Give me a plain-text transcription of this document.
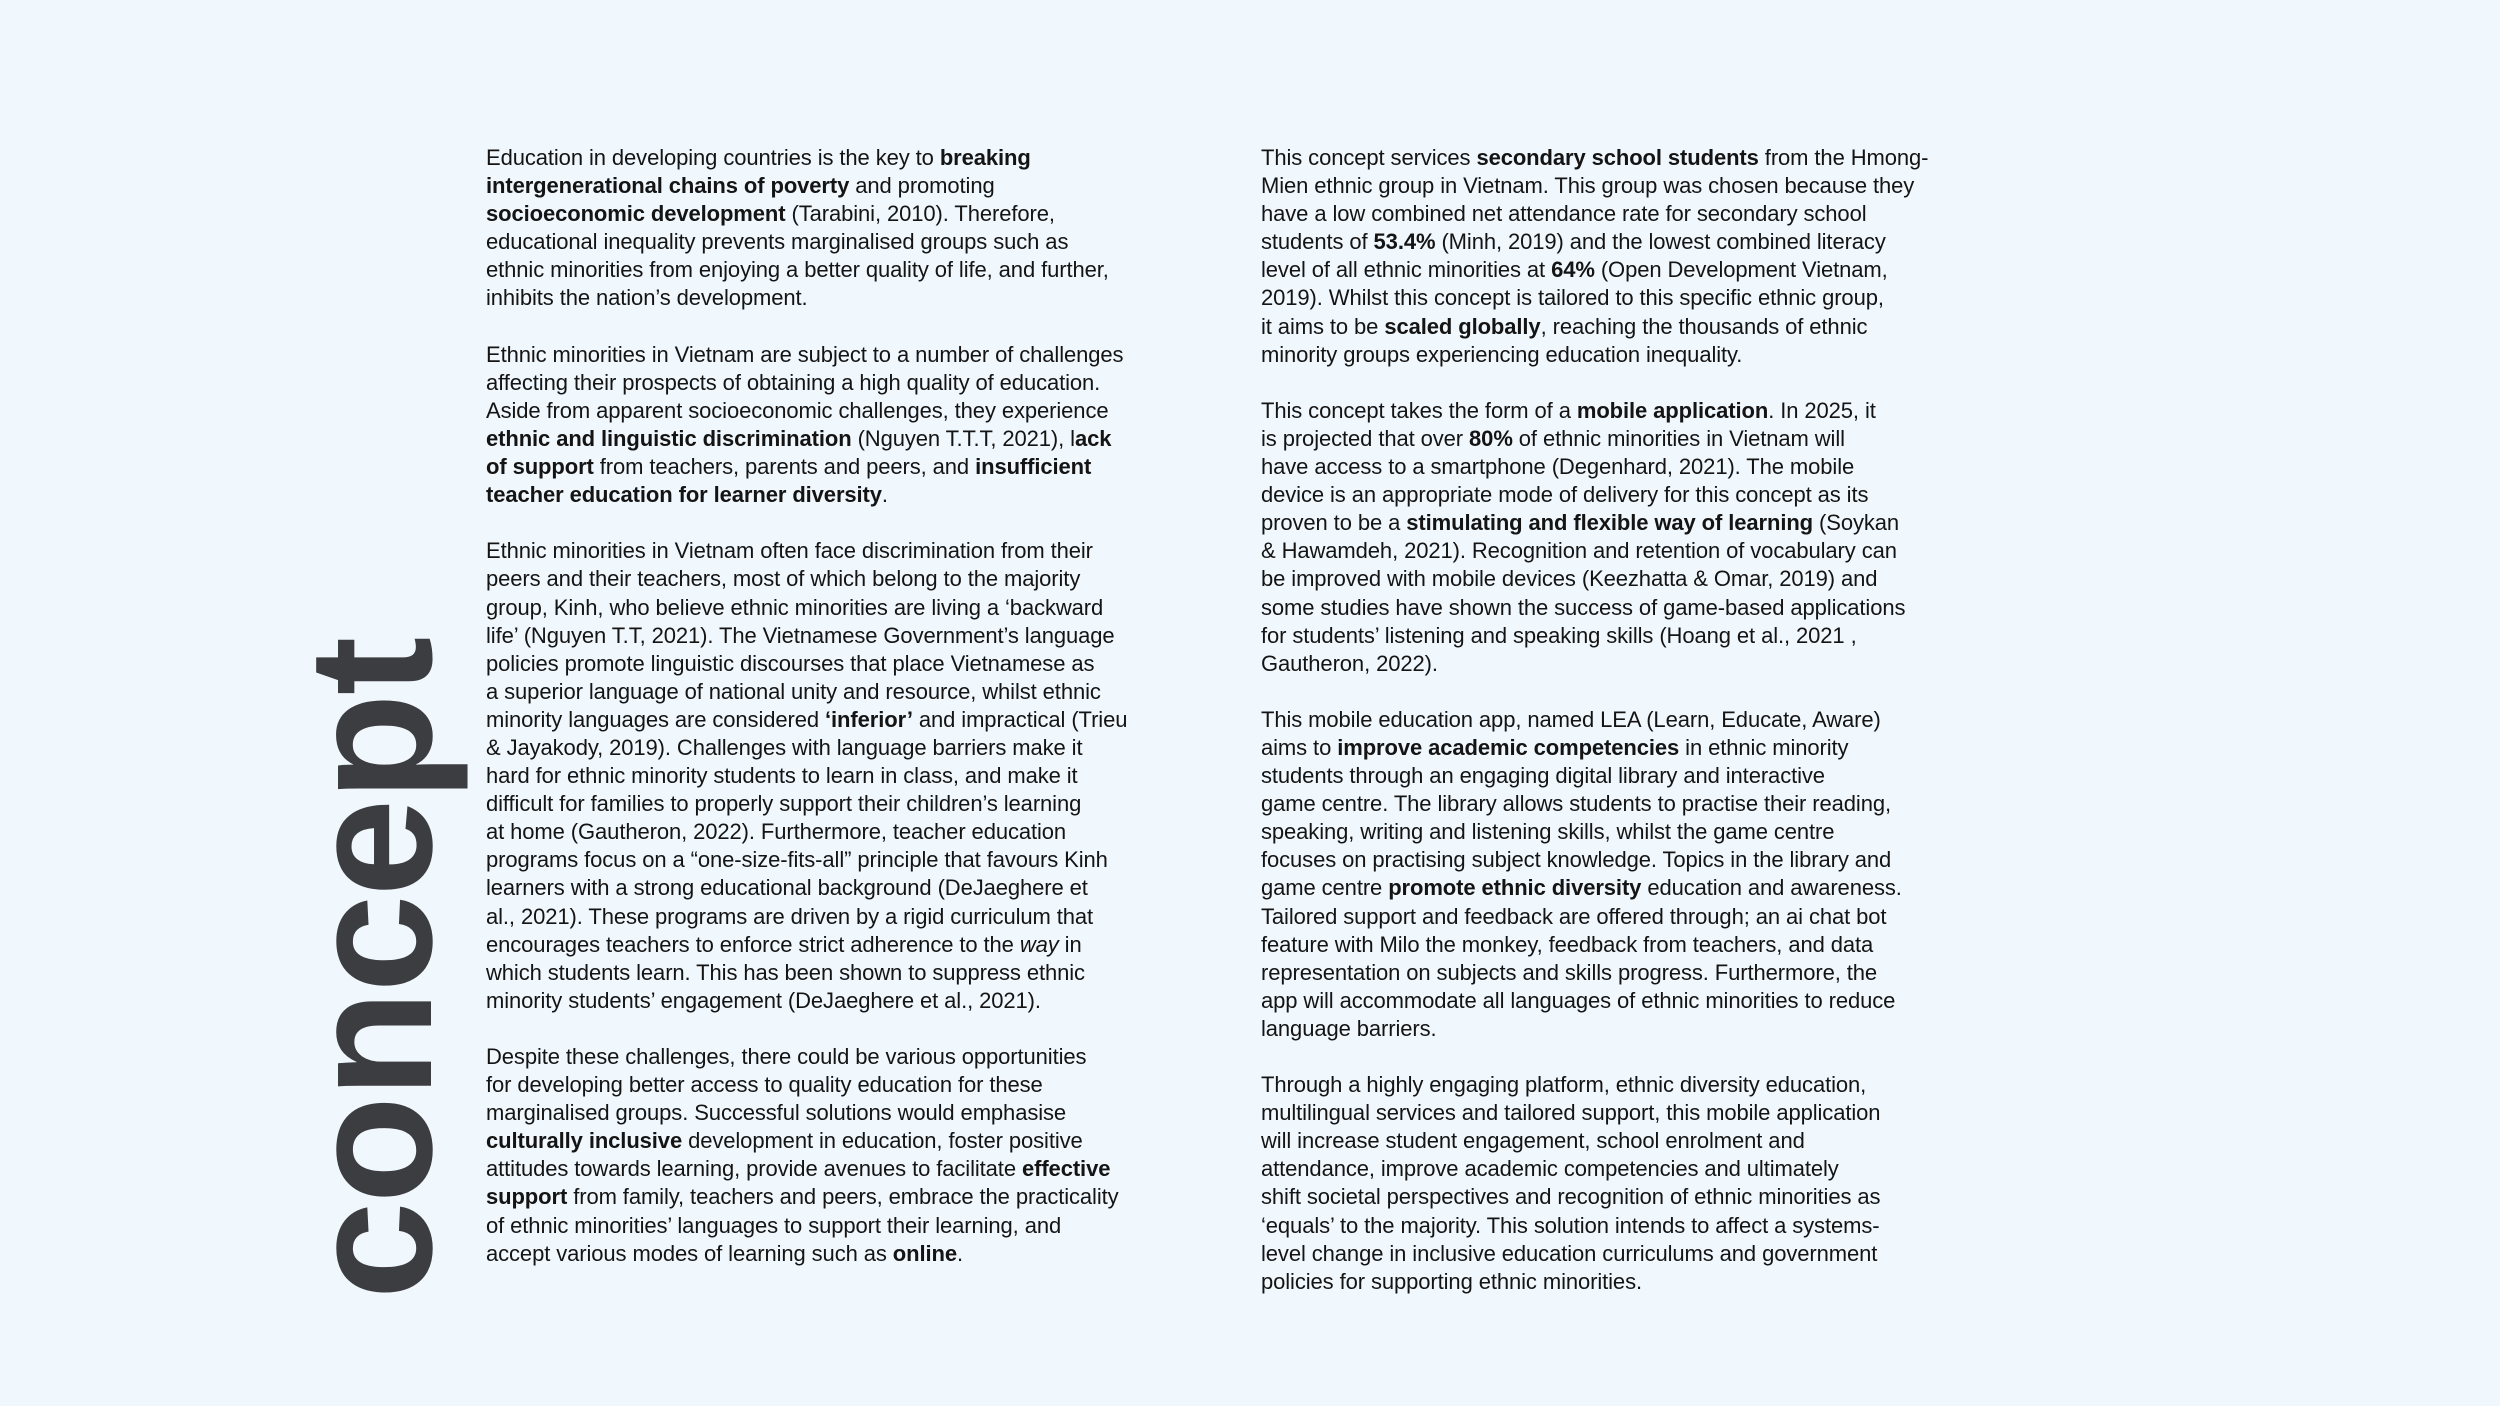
concept
Education in developing countries is the key to breaking
intergenerational chains of poverty and promoting
socioeconomic development (Tarabini, 2010). Therefore,
educational inequality prevents marginalised groups such as
ethnic minorities from enjoying a better quality of life, and further,
inhibits the nation’s development.
Ethnic minorities in Vietnam are subject to a number of challenges
affecting their prospects of obtaining a high quality of education.
Aside from apparent socioeconomic challenges, they experience
ethnic and linguistic discrimination (Nguyen T.T.T, 2021), lack
of support from teachers, parents and peers, and insufficient
teacher education for learner diversity.
Ethnic minorities in Vietnam often face discrimination from their
peers and their teachers, most of which belong to the majority
group, Kinh, who believe ethnic minorities are living a ‘backward
life’ (Nguyen T.T, 2021). The Vietnamese Government’s language
policies promote linguistic discourses that place Vietnamese as
a superior language of national unity and resource, whilst ethnic
minority languages are considered ‘inferior’ and impractical (Trieu
& Jayakody, 2019). Challenges with language barriers make it
hard for ethnic minority students to learn in class, and make it
difficult for families to properly support their children’s learning
at home (Gautheron, 2022). Furthermore, teacher education
programs focus on a “one-size-fits-all” principle that favours Kinh
learners with a strong educational background (DeJaeghere et
al., 2021). These programs are driven by a rigid curriculum that
encourages teachers to enforce strict adherence to the way in
which students learn. This has been shown to suppress ethnic
minority students’ engagement (DeJaeghere et al., 2021).
Despite these challenges, there could be various opportunities
for developing better access to quality education for these
marginalised groups. Successful solutions would emphasise
culturally inclusive development in education, foster positive
attitudes towards learning, provide avenues to facilitate effective
support from family, teachers and peers, embrace the practicality
of ethnic minorities’ languages to support their learning, and
accept various modes of learning such as online.
This concept services secondary school students from the Hmong-
Mien ethnic group in Vietnam. This group was chosen because they
have a low combined net attendance rate for secondary school
students of 53.4% (Minh, 2019) and the lowest combined literacy
level of all ethnic minorities at 64% (Open Development Vietnam,
2019). Whilst this concept is tailored to this specific ethnic group,
it aims to be scaled globally, reaching the thousands of ethnic
minority groups experiencing education inequality.
This concept takes the form of a mobile application. In 2025, it
is projected that over 80% of ethnic minorities in Vietnam will
have access to a smartphone (Degenhard, 2021). The mobile
device is an appropriate mode of delivery for this concept as its
proven to be a stimulating and flexible way of learning (Soykan
& Hawamdeh, 2021). Recognition and retention of vocabulary can
be improved with mobile devices (Keezhatta & Omar, 2019) and
some studies have shown the success of game-based applications
for students’ listening and speaking skills (Hoang et al., 2021 ,
Gautheron, 2022).
This mobile education app, named LEA (Learn, Educate, Aware)
aims to improve academic competencies in ethnic minority
students through an engaging digital library and interactive
game centre. The library allows students to practise their reading,
speaking, writing and listening skills, whilst the game centre
focuses on practising subject knowledge. Topics in the library and
game centre promote ethnic diversity education and awareness.
Tailored support and feedback are offered through; an ai chat bot
feature with Milo the monkey, feedback from teachers, and data
representation on subjects and skills progress. Furthermore, the
app will accommodate all languages of ethnic minorities to reduce
language barriers.
Through a highly engaging platform, ethnic diversity education,
multilingual services and tailored support, this mobile application
will increase student engagement, school enrolment and
attendance, improve academic competencies and ultimately
shift societal perspectives and recognition of ethnic minorities as
‘equals’ to the majority. This solution intends to affect a systems-
level change in inclusive education curriculums and government
policies for supporting ethnic minorities.
